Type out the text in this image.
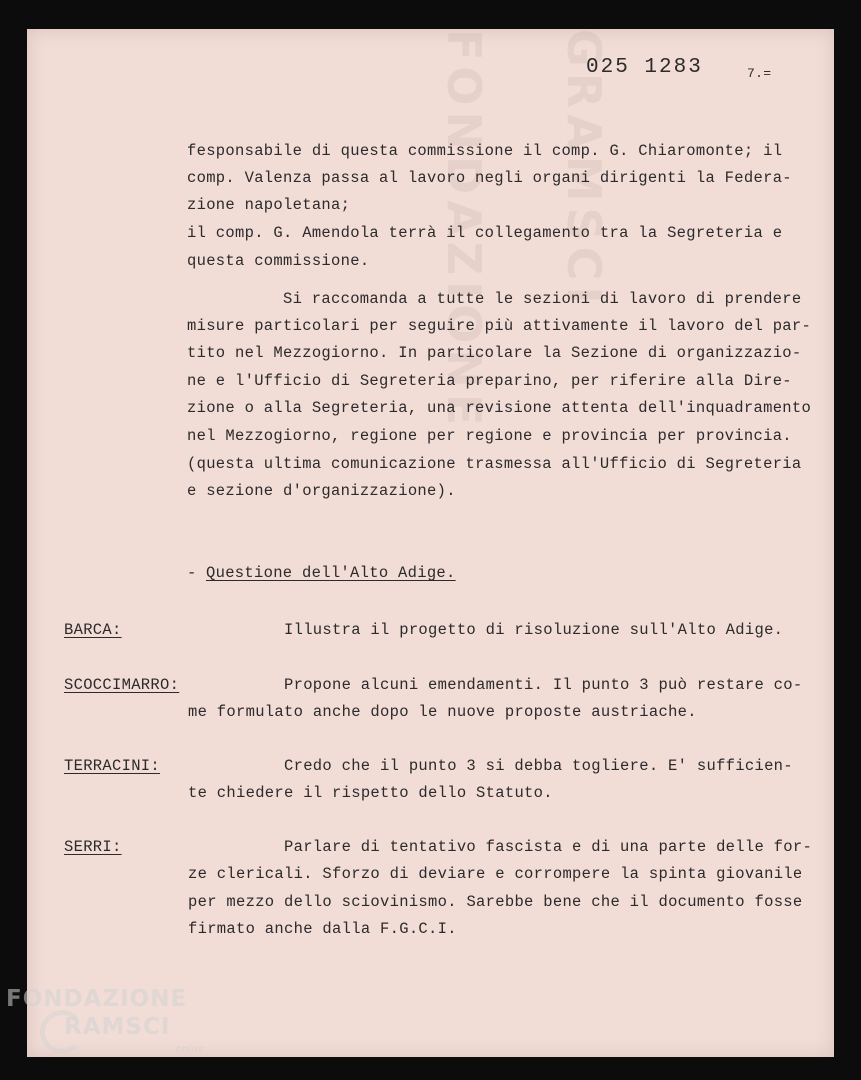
FONDAZIONE GRAMSCI
025 1283	7.=
fesponsabile di questa commissione il comp. G. Chiaromonte; il
comp. Valenza passa al lavoro negli organi dirigenti la Federa-
zione napoletana;
il comp. G. Amendola terrà il collegamento tra la Segreteria e
questa commissione.
Si raccomanda a tutte le sezioni di lavoro di prendere
misure particolari per seguire più attivamente il lavoro del par-
tito nel Mezzogiorno. In particolare la Sezione di organizzazio-
ne e l'Ufficio di Segreteria preparino, per riferire alla Dire-
zione o alla Segreteria, una revisione attenta dell'inquadramento
nel Mezzogiorno, regione per regione e provincia per provincia.
(questa ultima comunicazione trasmessa all'Ufficio di Segreteria
e sezione d'organizzazione).
- Questione dell'Alto Adige.
BARCA:	Illustra il progetto di risoluzione sull'Alto Adige.
SCOCCIMARRO:	Propone alcuni emendamenti. Il punto 3 può restare co-
me formulato anche dopo le nuove proposte austriache.
TERRACINI:	Credo che il punto 3 si debba togliere. E' sufficien-
te chiedere il rispetto dello Statuto.
SERRI:	Parlare di tentativo fascista e di una parte delle for-
ze clericali. Sforzo di deviare e corrompere la spinta giovanile
per mezzo dello sciovinismo. Sarebbe bene che il documento fosse
firmato anche dalla F.G.C.I.
FONDAZIONE
RAMSCI
onlus
